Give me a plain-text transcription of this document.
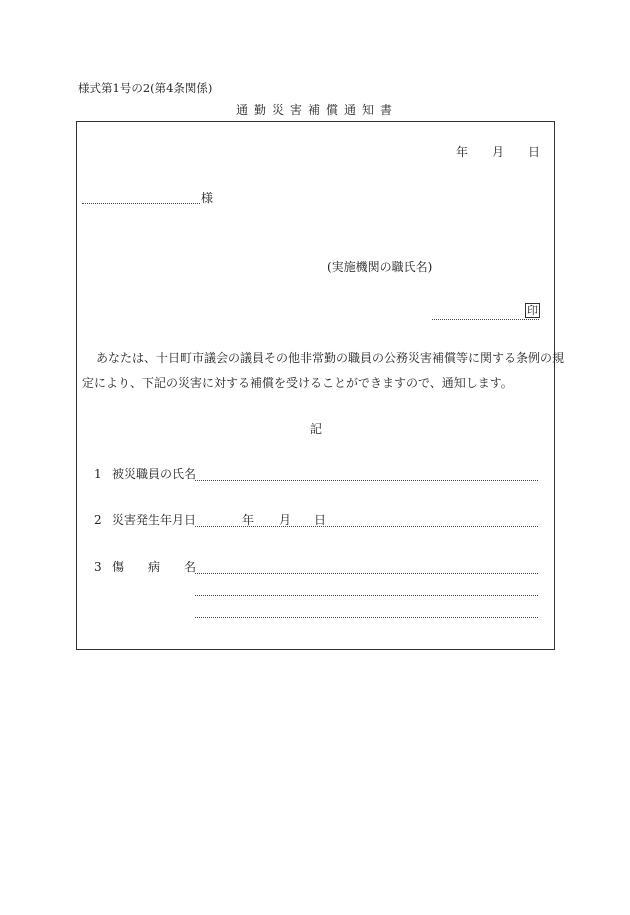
様式第1号の2(第4条関係)
通勤災害補償通知書
年 月 日
様
(実施機関の職氏名)
印
あなたは、十日町市議会の議員その他非常勤の職員の公務災害補償等に関する条例の規
定により、下記の災害に対する補償を受けることができますので、通知します。
記
1 被災職員の氏名
2 災害発生年月日	年 月 日
3 傷　　病　　名
